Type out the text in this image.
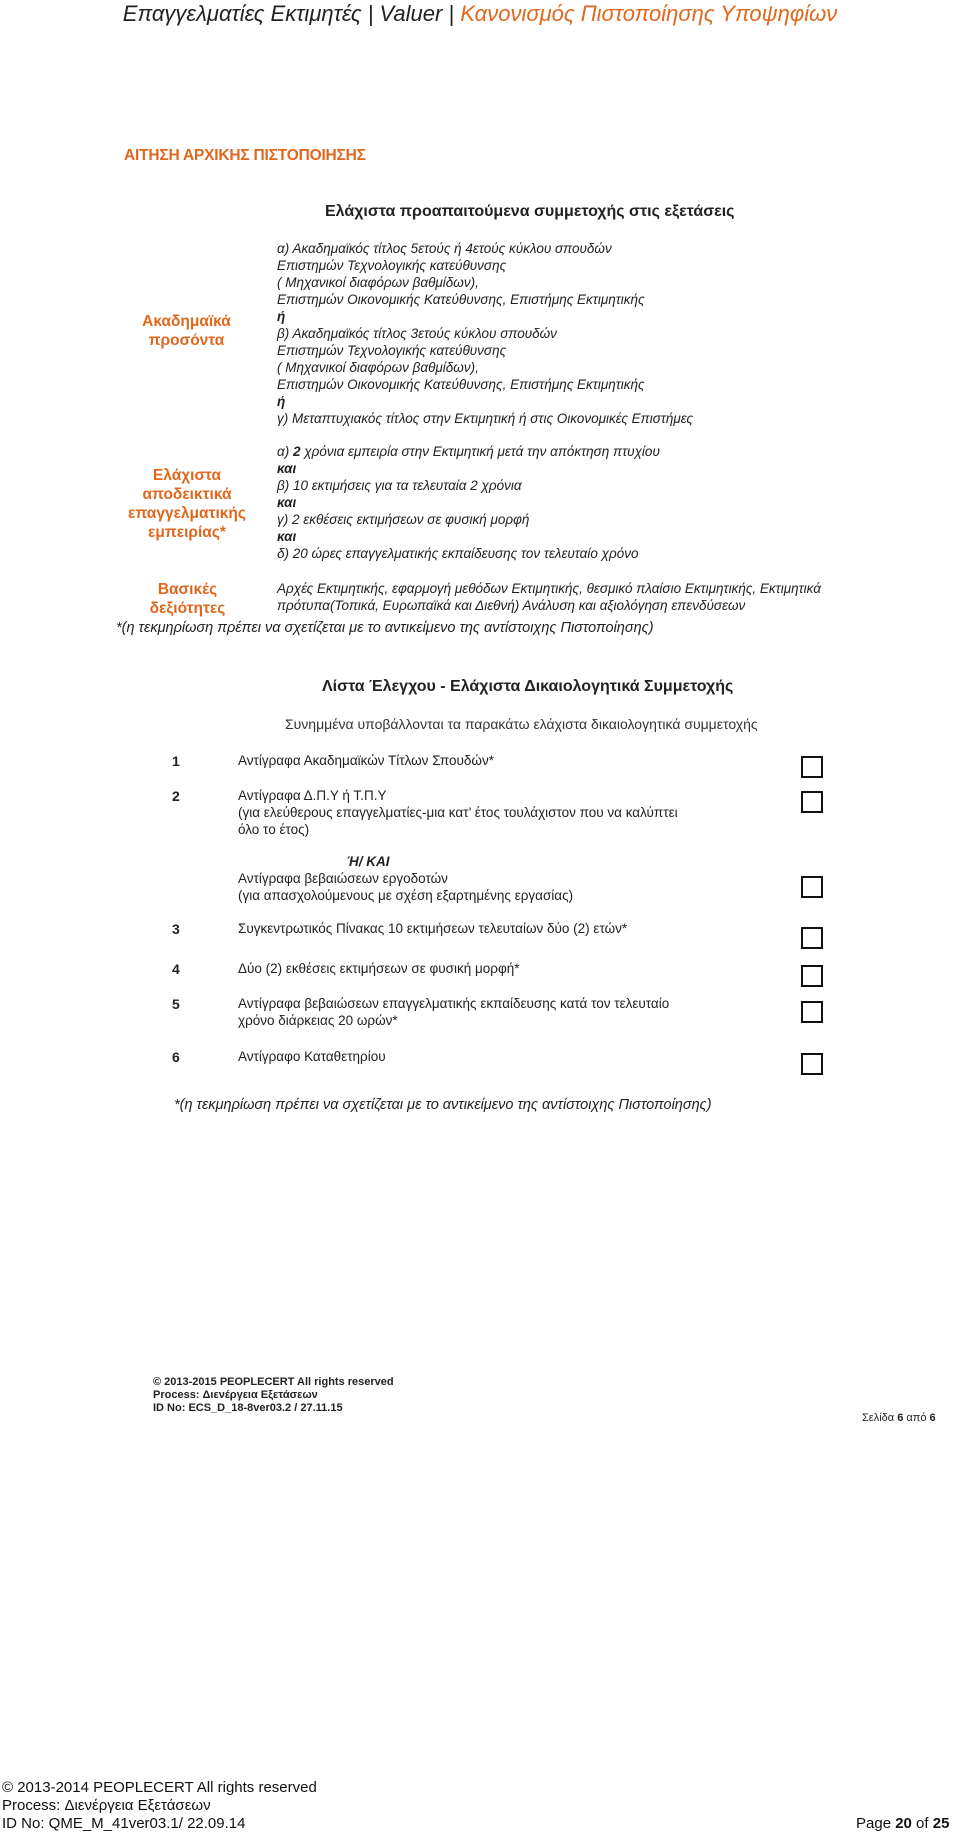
Επαγγελματίες Εκτιμητές | Valuer | Κανονισμός Πιστοποίησης Υποψηφίων
ΑΙΤΗΣΗ ΑΡΧΙΚΗΣ ΠΙΣΤΟΠΟΙΗΣΗΣ
Ελάχιστα προαπαιτούμενα συμμετοχής στις εξετάσεις
Ακαδημαϊκά
προσόντα
α) Ακαδημαϊκός τίτλος 5ετούς ή 4ετούς κύκλου σπουδών
Επιστημών Τεχνολογικής κατεύθυνσης
( Μηχανικοί διαφόρων βαθμίδων),
Επιστημών Οικονομικής Κατεύθυνσης, Επιστήμης Εκτιμητικής
ή
β) Ακαδημαϊκός τίτλος 3ετούς κύκλου σπουδών
Επιστημών Τεχνολογικής κατεύθυνσης
( Μηχανικοί διαφόρων βαθμίδων),
Επιστημών Οικονομικής Κατεύθυνσης, Επιστήμης Εκτιμητικής
ή
γ) Μεταπτυχιακός τίτλος στην Εκτιμητική ή στις Οικονομικές Επιστήμες
Ελάχιστα
αποδεικτικά
επαγγελματικής
εμπειρίας*
α) 2 χρόνια εμπειρία στην Εκτιμητική μετά την απόκτηση πτυχίου
και
β) 10 εκτιμήσεις για τα τελευταία 2 χρόνια
και
γ) 2 εκθέσεις εκτιμήσεων σε φυσική μορφή
και
δ) 20 ώρες επαγγελματικής εκπαίδευσης τον τελευταίο χρόνο
Βασικές
δεξιότητες
Αρχές Εκτιμητικής, εφαρμογή μεθόδων Εκτιμητικής, θεσμικό πλαίσιο Εκτιμητικής, Εκτιμητικά
πρότυπα(Τοπικά, Ευρωπαϊκά και Διεθνή) Ανάλυση και αξιολόγηση επενδύσεων
*(η τεκμηρίωση πρέπει να σχετίζεται με το αντικείμενο της αντίστοιχης Πιστοποίησης)
Λίστα Έλεγχου - Ελάχιστα Δικαιολογητικά Συμμετοχής
Συνημμένα υποβάλλονται τα παρακάτω ελάχιστα δικαιολογητικά συμμετοχής
1	Αντίγραφα Ακαδημαϊκών Τίτλων Σπουδών*
2	Αντίγραφα Δ.Π.Υ ή Τ.Π.Υ
(για ελεύθερους επαγγελματίες-μια κατ’ έτος τουλάχιστον που να καλύπτει
όλο το έτος)
Ή/ ΚΑΙ
Αντίγραφα βεβαιώσεων εργοδοτών
(για απασχολούμενους με σχέση εξαρτημένης εργασίας)
3	Συγκεντρωτικός Πίνακας 10 εκτιμήσεων τελευταίων δύο (2) ετών*
4	Δύο (2) εκθέσεις εκτιμήσεων σε φυσική μορφή*
5	Αντίγραφα βεβαιώσεων επαγγελματικής εκπαίδευσης κατά τον τελευταίο
χρόνο διάρκειας 20 ωρών*
6	Αντίγραφο Καταθετηρίου
*(η τεκμηρίωση πρέπει να σχετίζεται με το αντικείμενο της αντίστοιχης Πιστοποίησης)
© 2013-2015 PEOPLECERT All rights reserved
Process: Διενέργεια Εξετάσεων
ID No: ECS_D_18-8ver03.2 / 27.11.15
Σελίδα 6 από 6
© 2013-2014 PEOPLECERT All rights reserved
Process: Διενέργεια Εξετάσεων
ID No: QME_M_41ver03.1/ 22.09.14	Page 20 of 25
